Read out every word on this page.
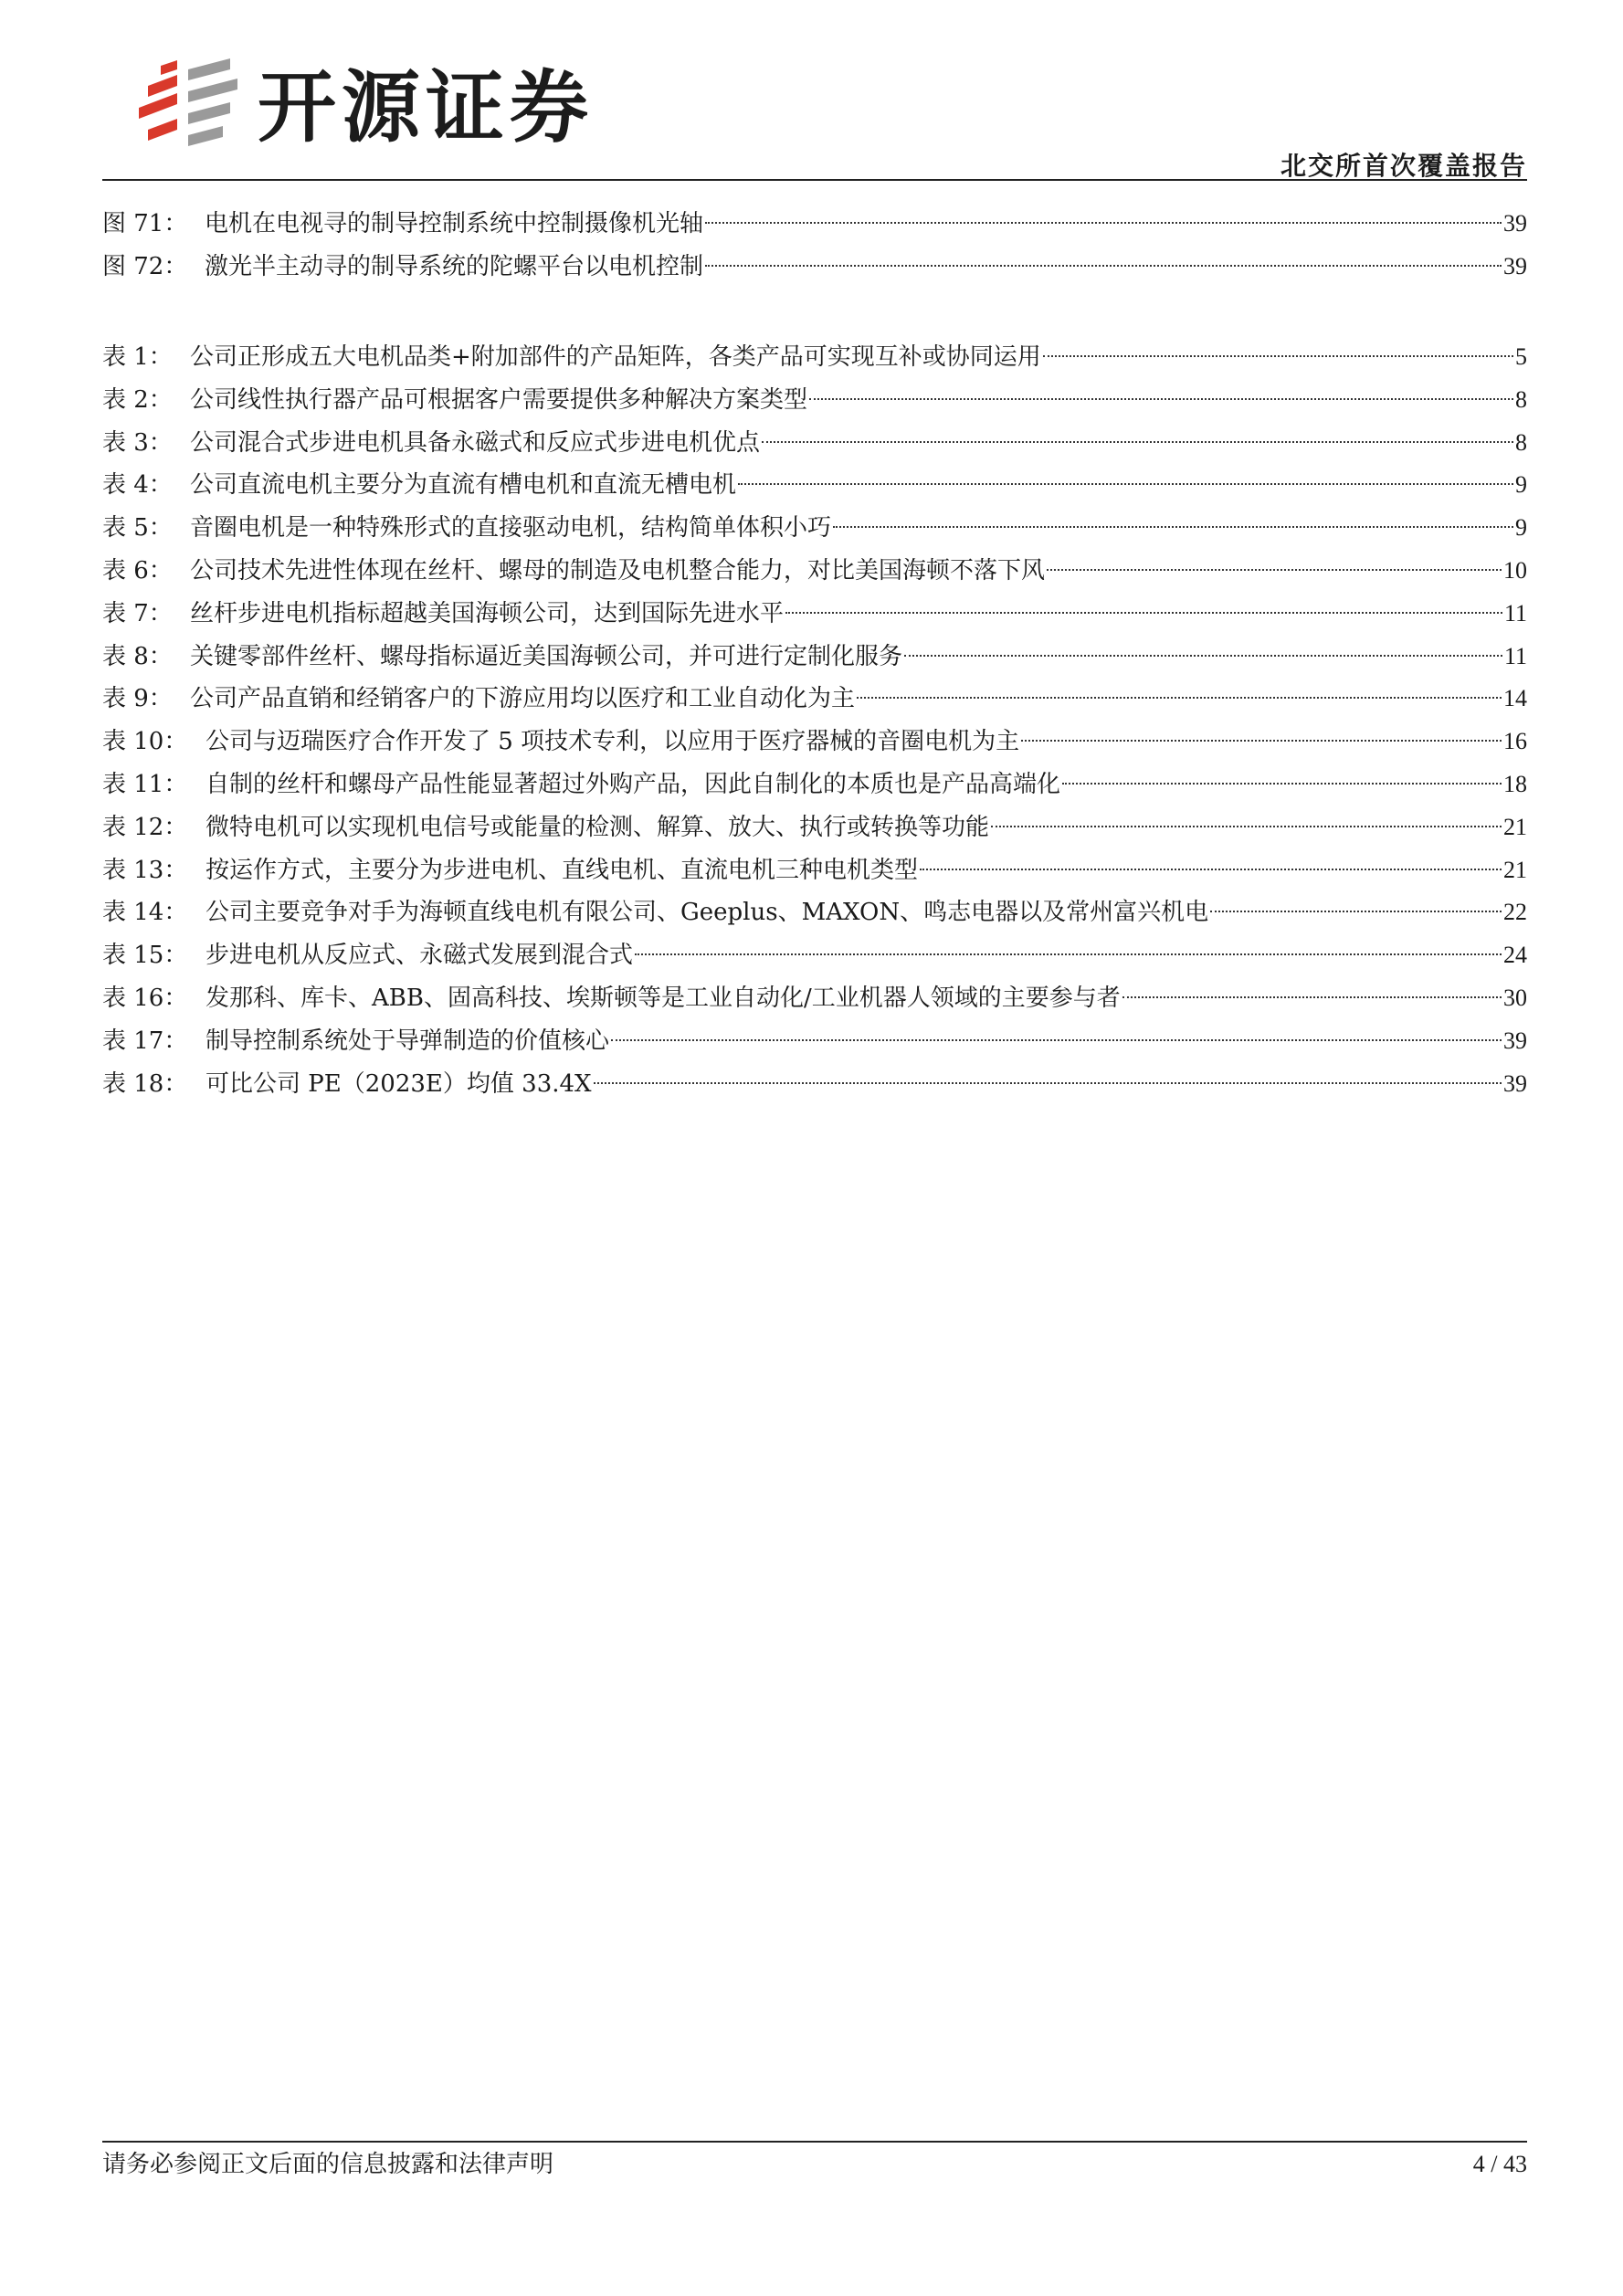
开源证券
北交所首次覆盖报告
图 71： 电机在电视寻的制导控制系统中控制摄像机光轴	39
图 72： 激光半主动寻的制导系统的陀螺平台以电机控制	39
表 1： 公司正形成五大电机品类+附加部件的产品矩阵，各类产品可实现互补或协同运用	5
表 2： 公司线性执行器产品可根据客户需要提供多种解决方案类型	8
表 3： 公司混合式步进电机具备永磁式和反应式步进电机优点	8
表 4： 公司直流电机主要分为直流有槽电机和直流无槽电机	9
表 5： 音圈电机是一种特殊形式的直接驱动电机，结构简单体积小巧	9
表 6： 公司技术先进性体现在丝杆、螺母的制造及电机整合能力，对比美国海顿不落下风	10
表 7： 丝杆步进电机指标超越美国海顿公司，达到国际先进水平	11
表 8： 关键零部件丝杆、螺母指标逼近美国海顿公司，并可进行定制化服务	11
表 9： 公司产品直销和经销客户的下游应用均以医疗和工业自动化为主	14
表 10： 公司与迈瑞医疗合作开发了 5 项技术专利，以应用于医疗器械的音圈电机为主	16
表 11： 自制的丝杆和螺母产品性能显著超过外购产品，因此自制化的本质也是产品高端化	18
表 12： 微特电机可以实现机电信号或能量的检测、解算、放大、执行或转换等功能	21
表 13： 按运作方式，主要分为步进电机、直线电机、直流电机三种电机类型	21
表 14： 公司主要竞争对手为海顿直线电机有限公司、Geeplus、MAXON、鸣志电器以及常州富兴机电	22
表 15： 步进电机从反应式、永磁式发展到混合式	24
表 16： 发那科、库卡、ABB、固高科技、埃斯顿等是工业自动化/工业机器人领域的主要参与者	30
表 17： 制导控制系统处于导弹制造的价值核心	39
表 18： 可比公司 PE（2023E）均值 33.4X	39
请务必参阅正文后面的信息披露和法律声明	4 / 43
